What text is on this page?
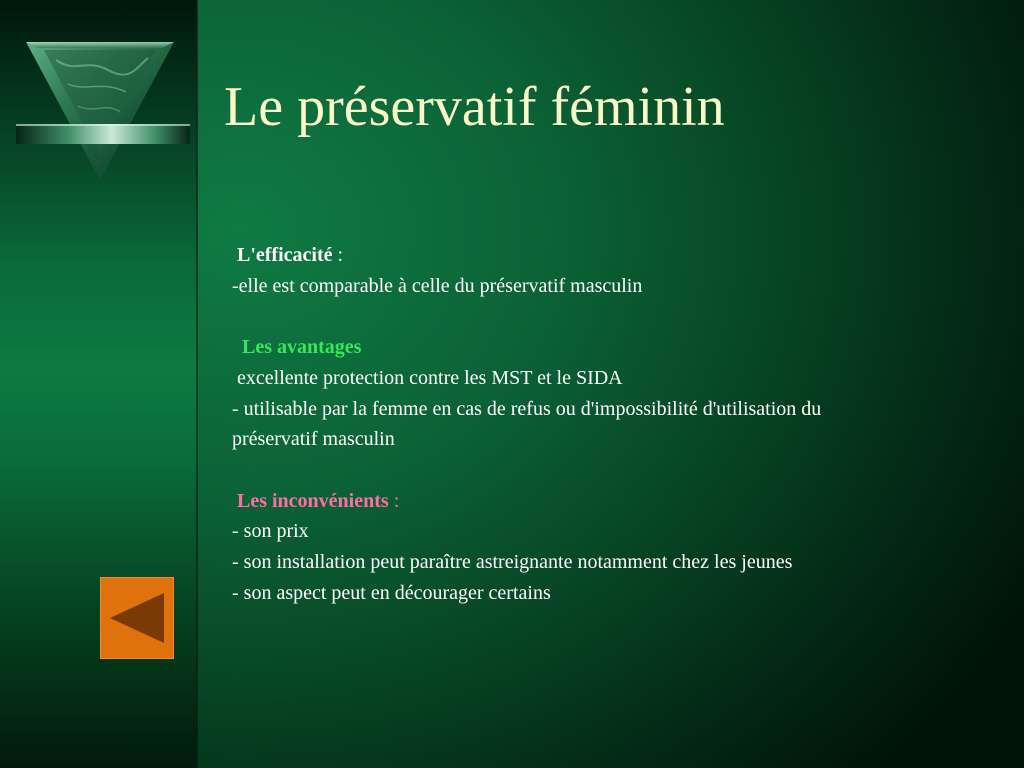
Le préservatif féminin

L'efficacité :

-elle est comparable à celle du préservatif masculin

Les avantages

excellente protection contre les MST et le SIDA

- utilisable par la femme en cas de refus ou d'impossibilité d'utilisation du préservatif masculin

Les inconvénients :

- son prix

- son installation peut paraître astreignante notamment chez les jeunes

- son aspect peut en décourager certains
